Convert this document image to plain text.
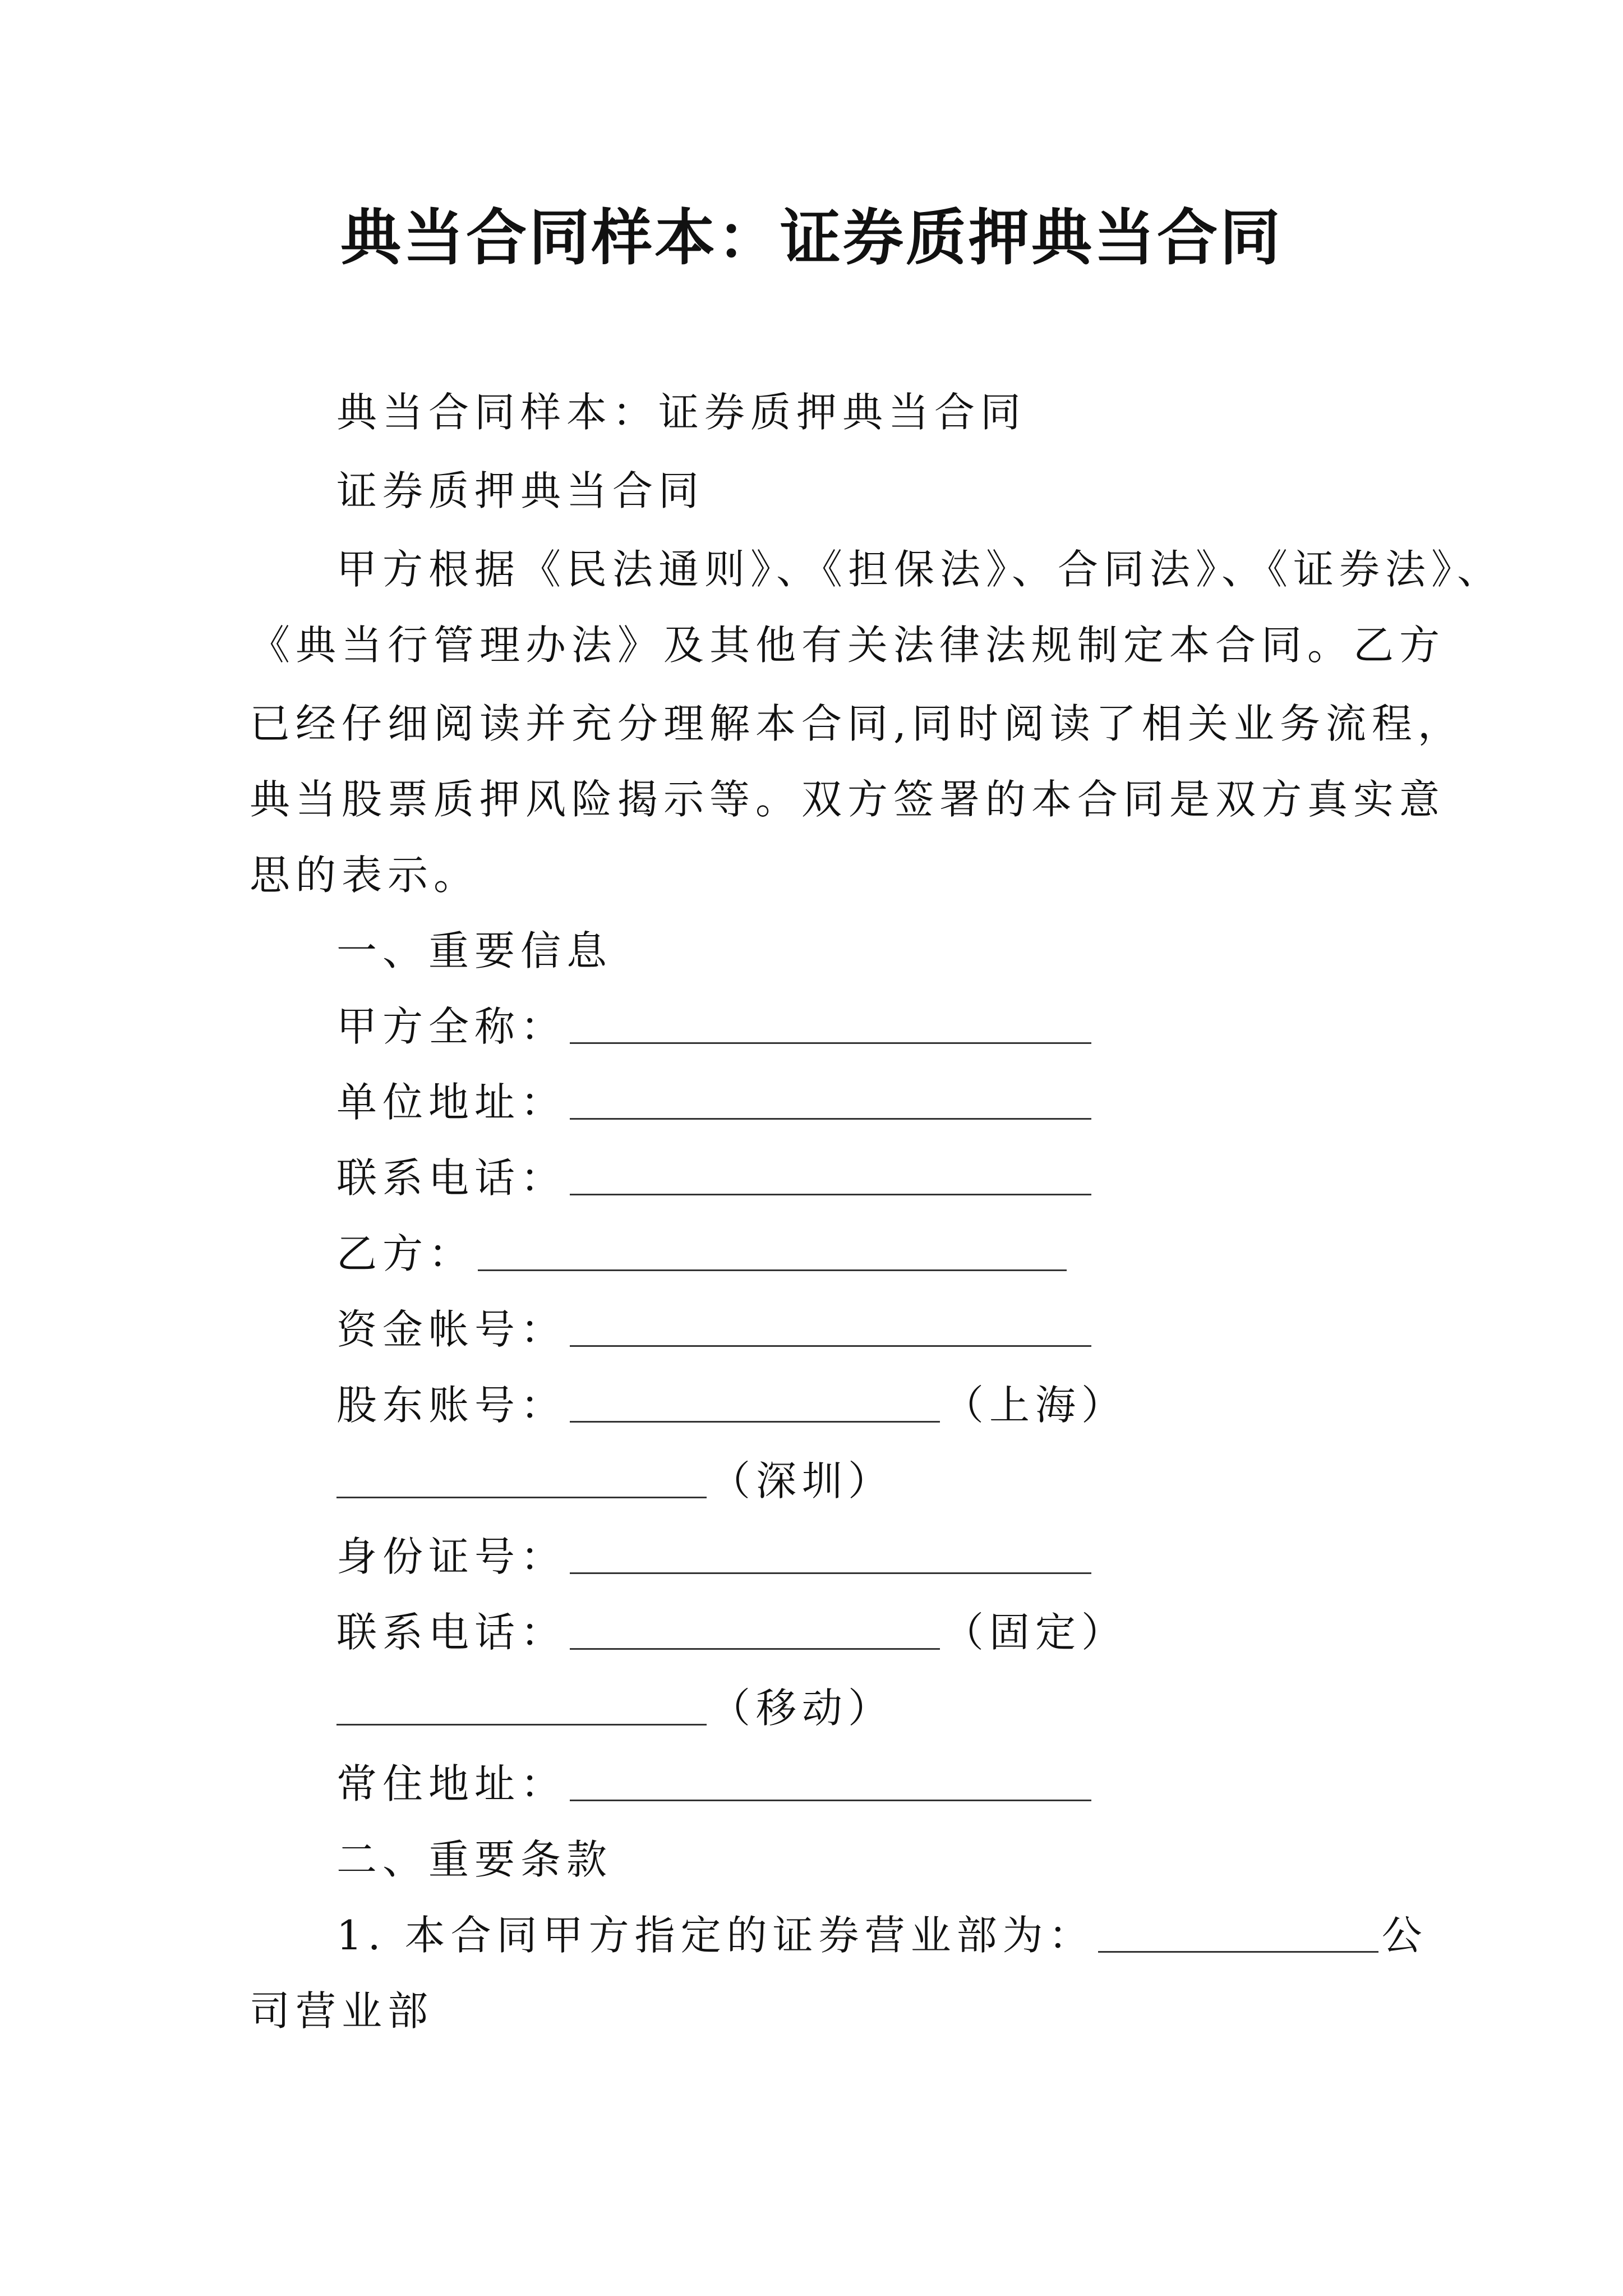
典当合同样本：证券质押典当合同
典当合同样本：证券质押典当合同
证券质押典当合同
甲方根据《民法通则》、《担保法》、合同法》、《证券法》、
《典当行管理办法》及其他有关法律法规制定本合同。乙方
已经仔细阅读并充分理解本合同,同时阅读了相关业务流程，
典当股票质押风险揭示等。双方签署的本合同是双方真实意
思的表示。
一、重要信息
甲方全称：
单位地址：
联系电话：
乙方：
资金帐号：
股东账号：	（上海）
（深圳）
身份证号：
联系电话：	（固定）
（移动）
常住地址：
二、重要条款
1. 本合同甲方指定的证券营业部为：	公
司营业部
